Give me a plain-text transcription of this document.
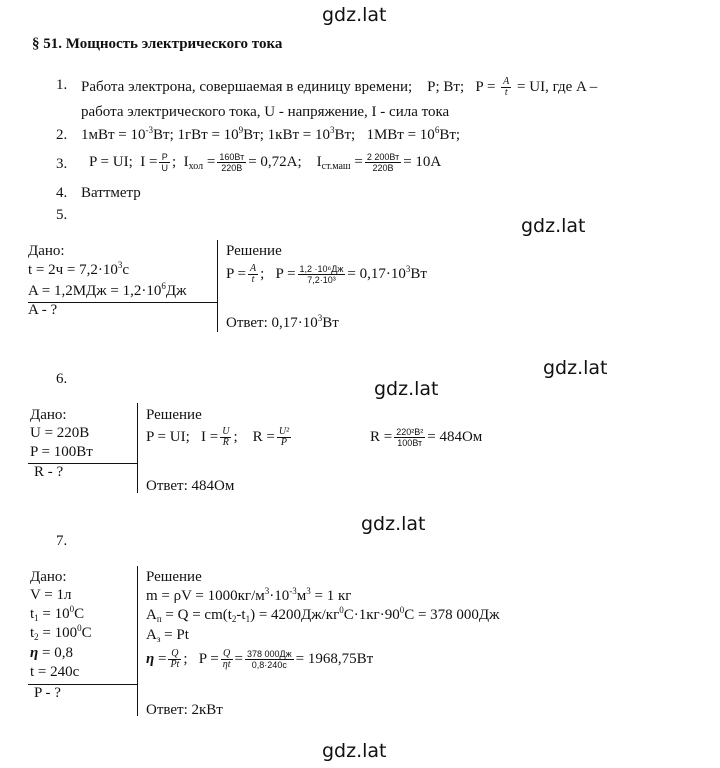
gdz.lat
gdz.lat
gdz.lat
gdz.lat
gdz.lat
gdz.lat
§ 51. Мощность электрического тока
1. Работа электрона, совершаемая в единицу времени; P; Вт; $P = \frac{A}{t}$ = UI, где A –
работа электрического тока, U - напряжение, I - сила тока
2. $1мВт = 10^{-3}Вт$; $1гВт = 10^9Вт$; $1кВт = 10^3Вт$; $1МВт = 10^6Вт$;
3. P = UI; $I = \frac{P}{U}$ ;  $I_{хол} = \frac{160Вт}{220В} = 0,72А$; $I_{ст.маш} = \frac{2 200Вт}{220В} = 10А$
4. Ваттметр
5.
Дано:
$t = 2ч = 7,2\cdot 10^3с$
$A = 1,2МДж = 1,2\cdot 10^6Дж$
A - ?
Решение
$P = \frac{A}{t}$ ;   $P = \frac{\text{1,2 ·10⁶Дж}}{\text{7,2·10³}} = 0,17\cdot 10^3Вт$
Ответ: $0,17\cdot 10^3Вт$
6.
Дано:
U = 220В
P = 100Вт
R - ?
Решение
P = UI; $I = \frac{U}{R}$ ;    $R = \frac{\text{U²}}{P}$	$R = \frac{\text{220²В²}}{100Вт} = 484Ом$
Ответ: 484Ом
7.
Дано:
V = 1л
$t_1 = 10^0С$
$t_2 = 100^0С$
η = 0,8
t = 240с
P - ?
Решение
$m = \rho V = 1000кг/м^3\cdot 10^{-3}м^3 = 1$ кг
$A_п = Q = cm(t_2-t_1) = 4200Дж/кг^0С\cdot 1кг\cdot 90^0С = 378$ 000Дж
$A_з = Pt$
$\eta = \frac{Q}{Pt}$ ; $P = \frac{Q}{\eta t} = \frac{378 000Дж}{0,8\cdot 240с} = 1968,75Вт$
Ответ: 2кВт
